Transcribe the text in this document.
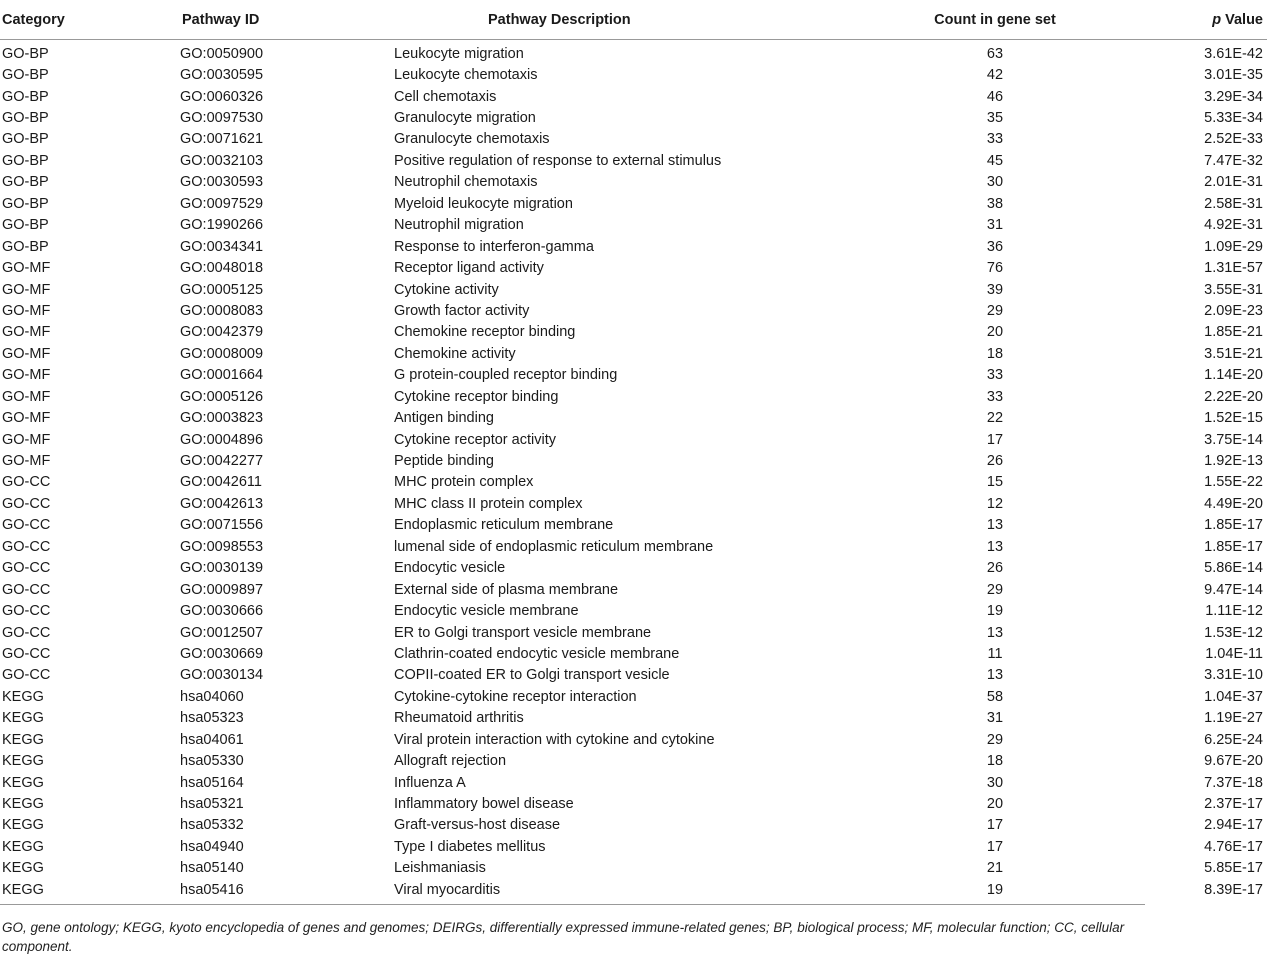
Category	Pathway ID	Pathway Description	Count in gene set	p Value
GO-BP	GO:0050900	Leukocyte migration	63	3.61E-42
GO-BP	GO:0030595	Leukocyte chemotaxis	42	3.01E-35
GO-BP	GO:0060326	Cell chemotaxis	46	3.29E-34
GO-BP	GO:0097530	Granulocyte migration	35	5.33E-34
GO-BP	GO:0071621	Granulocyte chemotaxis	33	2.52E-33
GO-BP	GO:0032103	Positive regulation of response to external stimulus	45	7.47E-32
GO-BP	GO:0030593	Neutrophil chemotaxis	30	2.01E-31
GO-BP	GO:0097529	Myeloid leukocyte migration	38	2.58E-31
GO-BP	GO:1990266	Neutrophil migration	31	4.92E-31
GO-BP	GO:0034341	Response to interferon-gamma	36	1.09E-29
GO-MF	GO:0048018	Receptor ligand activity	76	1.31E-57
GO-MF	GO:0005125	Cytokine activity	39	3.55E-31
GO-MF	GO:0008083	Growth factor activity	29	2.09E-23
GO-MF	GO:0042379	Chemokine receptor binding	20	1.85E-21
GO-MF	GO:0008009	Chemokine activity	18	3.51E-21
GO-MF	GO:0001664	G protein-coupled receptor binding	33	1.14E-20
GO-MF	GO:0005126	Cytokine receptor binding	33	2.22E-20
GO-MF	GO:0003823	Antigen binding	22	1.52E-15
GO-MF	GO:0004896	Cytokine receptor activity	17	3.75E-14
GO-MF	GO:0042277	Peptide binding	26	1.92E-13
GO-CC	GO:0042611	MHC protein complex	15	1.55E-22
GO-CC	GO:0042613	MHC class II protein complex	12	4.49E-20
GO-CC	GO:0071556	Endoplasmic reticulum membrane	13	1.85E-17
GO-CC	GO:0098553	lumenal side of endoplasmic reticulum membrane	13	1.85E-17
GO-CC	GO:0030139	Endocytic vesicle	26	5.86E-14
GO-CC	GO:0009897	External side of plasma membrane	29	9.47E-14
GO-CC	GO:0030666	Endocytic vesicle membrane	19	1.11E-12
GO-CC	GO:0012507	ER to Golgi transport vesicle membrane	13	1.53E-12
GO-CC	GO:0030669	Clathrin-coated endocytic vesicle membrane	11	1.04E-11
GO-CC	GO:0030134	COPII-coated ER to Golgi transport vesicle	13	3.31E-10
KEGG	hsa04060	Cytokine-cytokine receptor interaction	58	1.04E-37
KEGG	hsa05323	Rheumatoid arthritis	31	1.19E-27
KEGG	hsa04061	Viral protein interaction with cytokine and cytokine	29	6.25E-24
KEGG	hsa05330	Allograft rejection	18	9.67E-20
KEGG	hsa05164	Influenza A	30	7.37E-18
KEGG	hsa05321	Inflammatory bowel disease	20	2.37E-17
KEGG	hsa05332	Graft-versus-host disease	17	2.94E-17
KEGG	hsa04940	Type I diabetes mellitus	17	4.76E-17
KEGG	hsa05140	Leishmaniasis	21	5.85E-17
KEGG	hsa05416	Viral myocarditis	19	8.39E-17
GO, gene ontology; KEGG, kyoto encyclopedia of genes and genomes; DEIRGs, differentially expressed immune-related genes; BP, biological process; MF, molecular function; CC, cellular component.
